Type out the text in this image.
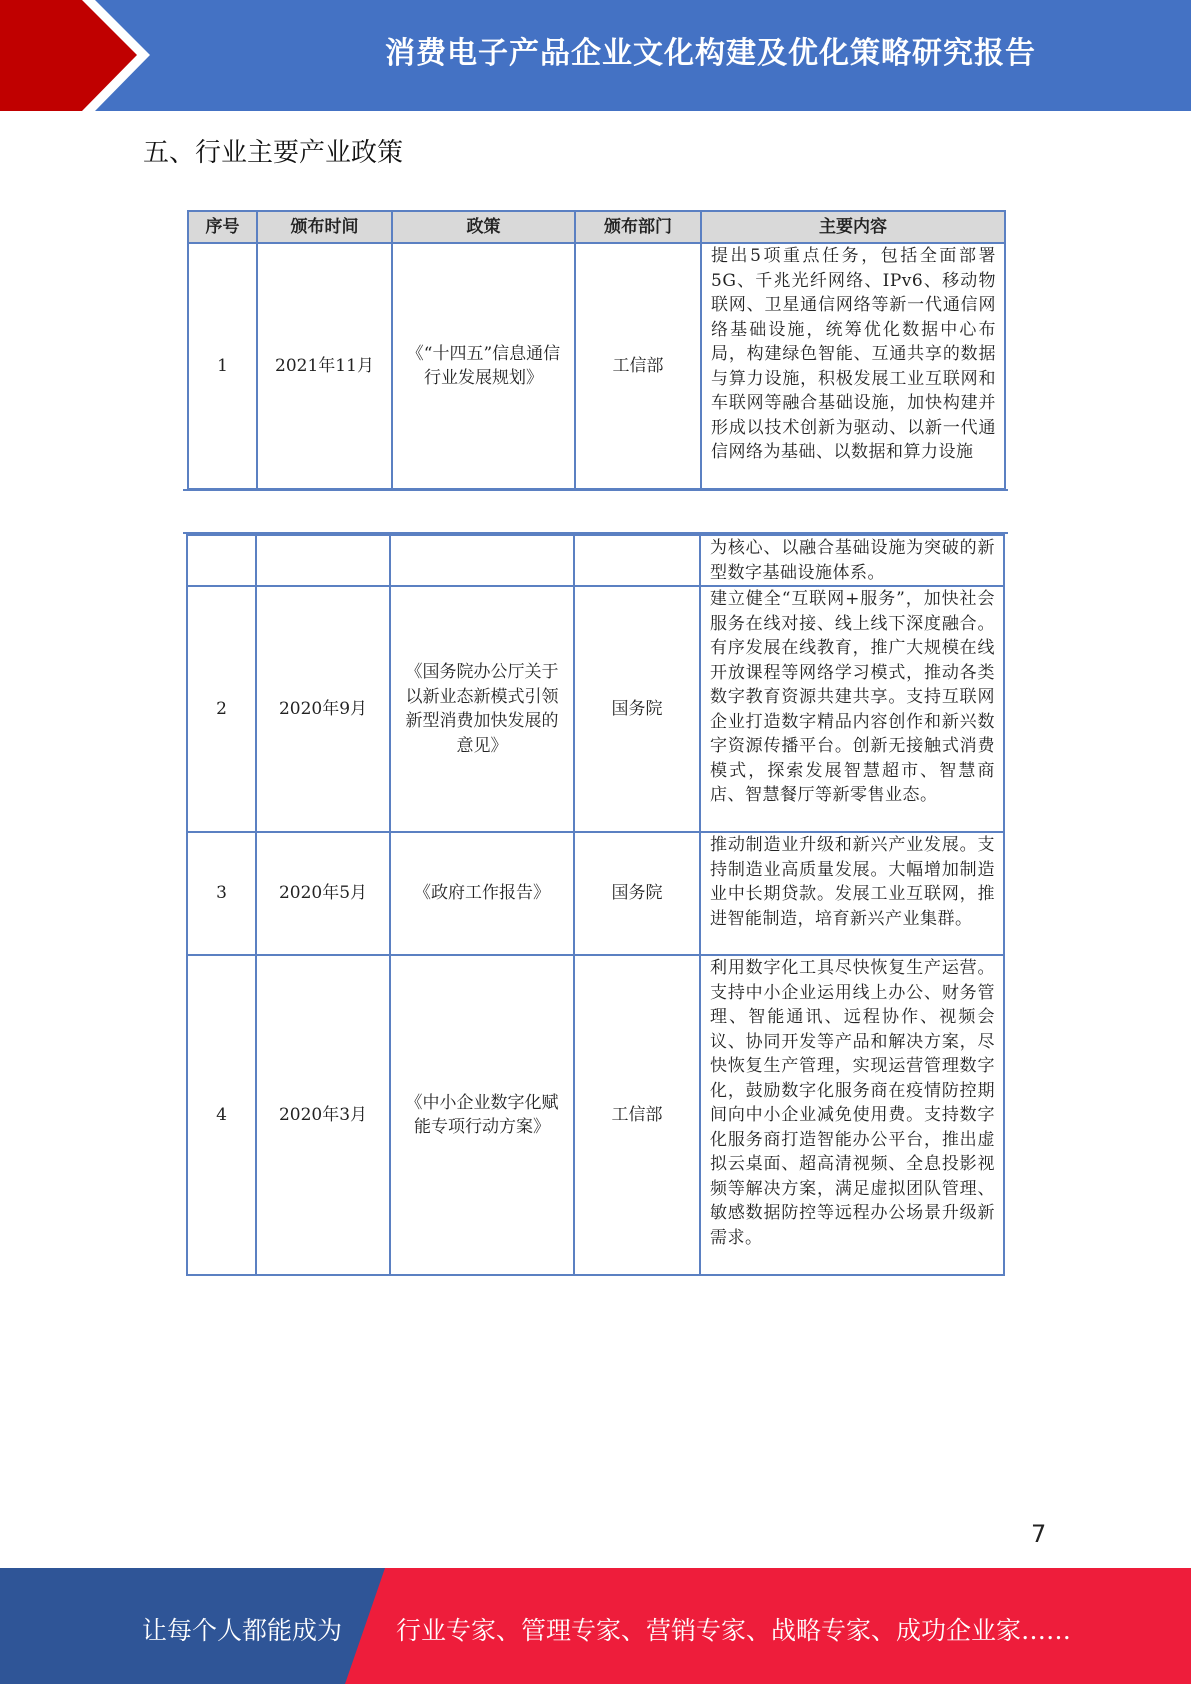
消费电子产品企业文化构建及优化策略研究报告
五、行业主要产业政策
序号	颁布时间	政策	颁布部门	主要内容
1	2021年11月	《“十四五”信息通信行业发展规划》	工信部	提出5项重点任务，包括全面部署5G、千兆光纤网络、IPv6、移动物联网、卫星通信网络等新一代通信网络基础设施，统筹优化数据中心布局，构建绿色智能、互通共享的数据与算力设施，积极发展工业互联网和车联网等融合基础设施，加快构建并形成以技术创新为驱动、以新一代通信网络为基础、以数据和算力设施
				为核心、以融合基础设施为突破的新型数字基础设施体系。
2	2020年9月	《国务院办公厅关于以新业态新模式引领新型消费加快发展的意见》	国务院	建立健全“互联网+服务”，加快社会服务在线对接、线上线下深度融合。有序发展在线教育，推广大规模在线开放课程等网络学习模式，推动各类数字教育资源共建共享。支持互联网企业打造数字精品内容创作和新兴数字资源传播平台。创新无接触式消费模式，探索发展智慧超市、智慧商店、智慧餐厅等新零售业态。
3	2020年5月	《政府工作报告》	国务院	推动制造业升级和新兴产业发展。支持制造业高质量发展。大幅增加制造业中长期贷款。发展工业互联网，推进智能制造，培育新兴产业集群。
4	2020年3月	《中小企业数字化赋能专项行动方案》	工信部	利用数字化工具尽快恢复生产运营。支持中小企业运用线上办公、财务管理、智能通讯、远程协作、视频会议、协同开发等产品和解决方案，尽快恢复生产管理，实现运营管理数字化，鼓励数字化服务商在疫情防控期间向中小企业减免使用费。支持数字化服务商打造智能办公平台，推出虚拟云桌面、超高清视频、全息投影视频等解决方案，满足虚拟团队管理、敏感数据防控等远程办公场景升级新需求。
7
让每个人都能成为 行业专家、管理专家、营销专家、战略专家、成功企业家……
